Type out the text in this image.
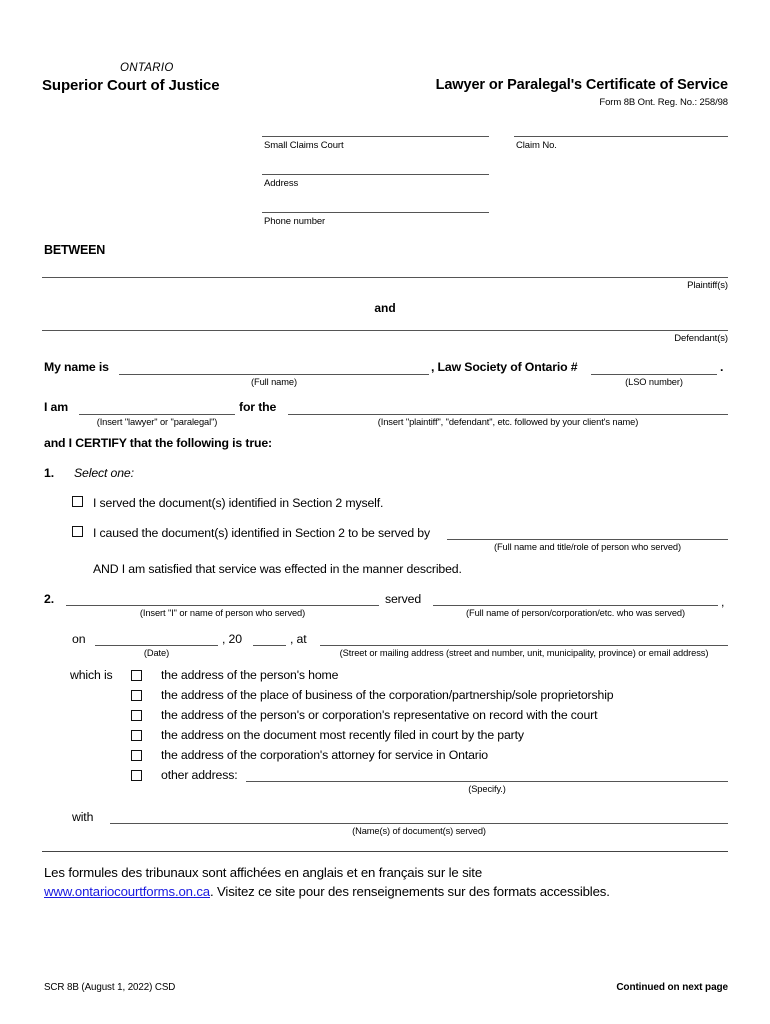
Lawyer or Paralegal's Certificate of Service
Form 8B Ont. Reg. No.: 258/98
ONTARIO
Superior Court of Justice
Small Claims Court	Claim No.
Address
Phone number
BETWEEN
Plaintiff(s)
and
Defendant(s)
My name is
(Full name)
, Law Society of Ontario #
(LSO number)
.
I am
(Insert "lawyer" or "paralegal")
for the
(Insert "plaintiff", "defendant", etc. followed by your client's name)
and I CERTIFY that the following is true:
1. Select one:
I served the document(s) identified in Section 2 myself.
I caused the document(s) identified in Section 2 to be served by
(Full name and title/role of person who served)
AND I am satisfied that service was effected in the manner described.
2.
(Insert "I" or name of person who served)
served
(Full name of person/corporation/etc. who was served)
,
on
(Date)
, 20	, at
(Street or mailing address (street and number, unit, municipality, province) or email address)
which is	the address of the person's home
the address of the place of business of the corporation/partnership/sole proprietorship
the address of the person's or corporation's representative on record with the court
the address on the document most recently filed in court by the party
the address of the corporation's attorney for service in Ontario
other address:
(Specify.)
with
(Name(s) of document(s) served)
Les formules des tribunaux sont affichées en anglais et en français sur le site
www.ontariocourtforms.on.ca. Visitez ce site pour des renseignements sur des formats accessibles.
SCR 8B (August 1, 2022) CSD	Continued on next page
